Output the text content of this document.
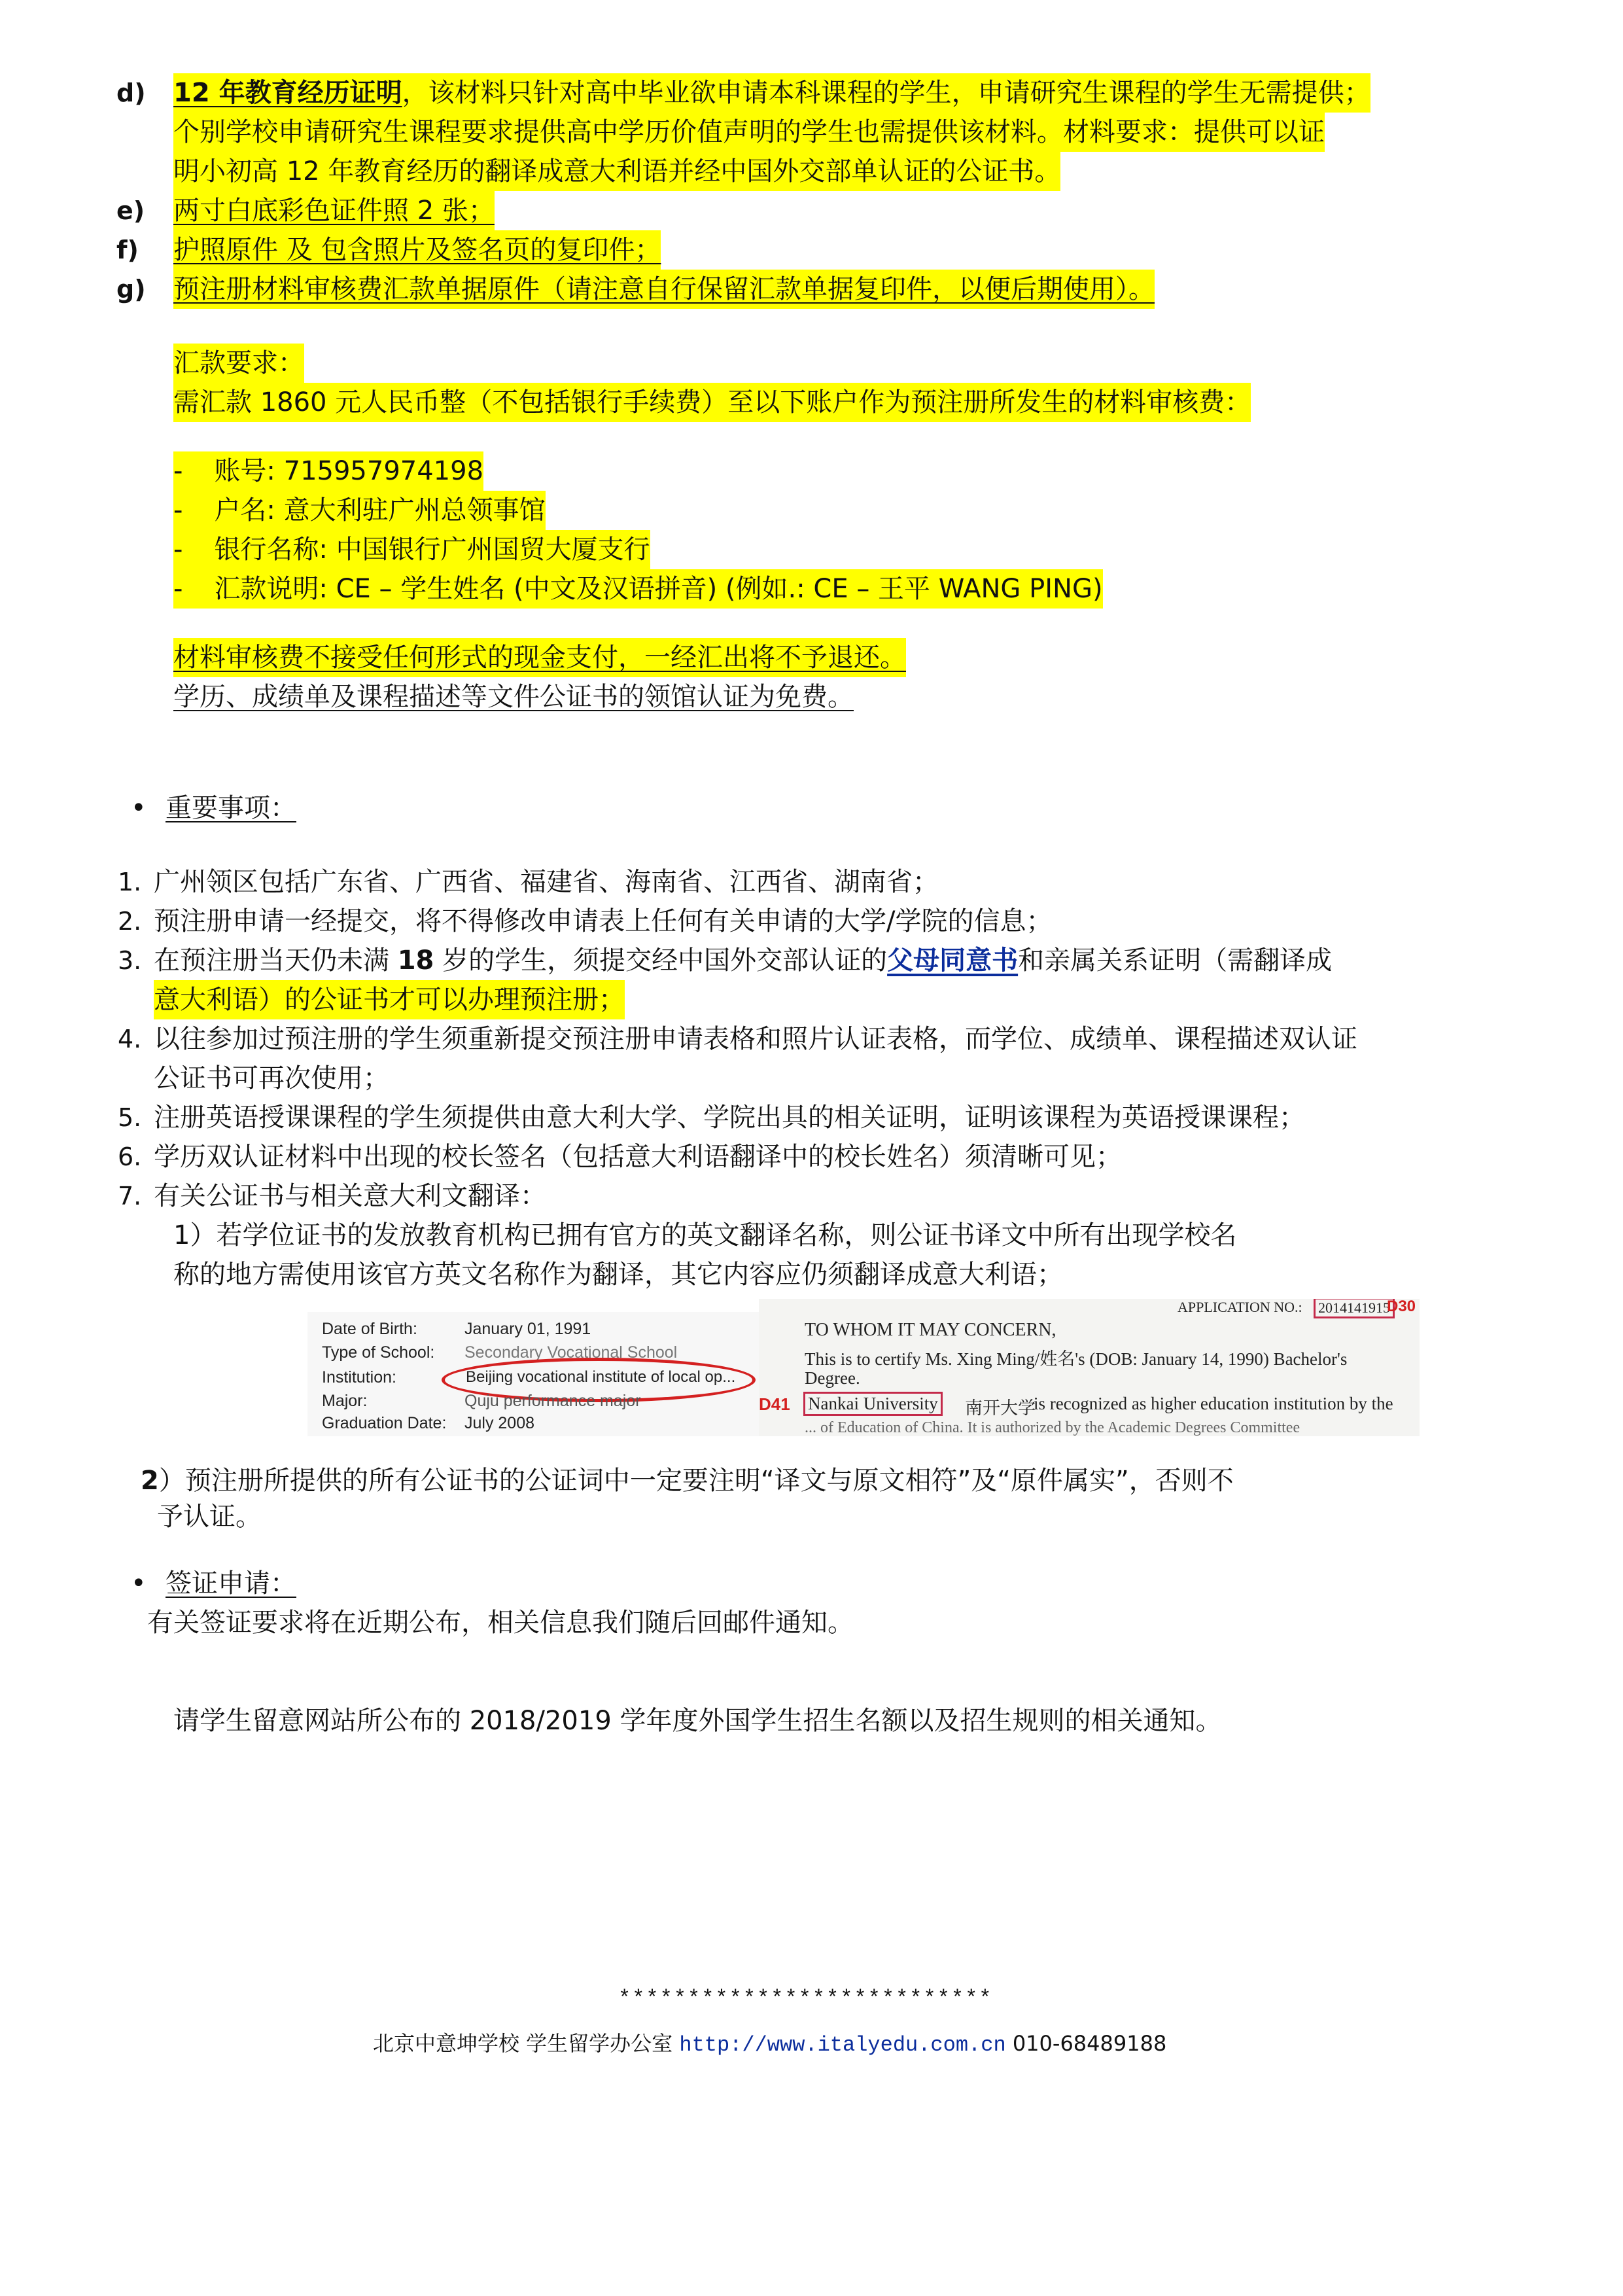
d) 12 年教育经历证明，该材料只针对高中毕业欲申请本科课程的学生，申请研究生课程的学生无需提供；
个别学校申请研究生课程要求提供高中学历价值声明的学生也需提供该材料。材料要求：提供可以证
明小初高 12 年教育经历的翻译成意大利语并经中国外交部单认证的公证书。
e) 两寸白底彩色证件照 2 张；
f) 护照原件 及 包含照片及签名页的复印件；
g) 预注册材料审核费汇款单据原件（请注意自行保留汇款单据复印件，以便后期使用）。
汇款要求：
需汇款 1860 元人民币整（不包括银行手续费）至以下账户作为预注册所发生的材料审核费：
- 账号: 715957974198
- 户名: 意大利驻广州总领事馆
- 银行名称: 中国银行广州国贸大厦支行
- 汇款说明: CE – 学生姓名 (中文及汉语拼音) (例如.: CE – 王平 WANG PING)
材料审核费不接受任何形式的现金支付，一经汇出将不予退还。
学历、成绩单及课程描述等文件公证书的领馆认证为免费。
• 重要事项：
1. 广州领区包括广东省、广西省、福建省、海南省、江西省、湖南省；
2. 预注册申请一经提交，将不得修改申请表上任何有关申请的大学/学院的信息；
3. 在预注册当天仍未满 18 岁的学生，须提交经中国外交部认证的父母同意书和亲属关系证明（需翻译成
意大利语）的公证书才可以办理预注册；
4. 以往参加过预注册的学生须重新提交预注册申请表格和照片认证表格，而学位、成绩单、课程描述双认证
公证书可再次使用；
5. 注册英语授课课程的学生须提供由意大利大学、学院出具的相关证明，证明该课程为英语授课课程；
6. 学历双认证材料中出现的校长签名（包括意大利语翻译中的校长姓名）须清晰可见；
7. 有关公证书与相关意大利文翻译：
1）若学位证书的发放教育机构已拥有官方的英文翻译名称，则公证书译文中所有出现学校名
称的地方需使用该官方英文名称作为翻译，其它内容应仍须翻译成意大利语；
Date of Birth:	January 01, 1991
Type of School: Secondary Vocational School
Institution:	Beijing vocational institute of local op...
Major:	Quju performance major
Graduation Date: July 2008
APPLICATION NO.:	2014141915
D30
TO WHOM IT MAY CONCERN,
This is to certify Ms. Xing Ming/姓名's (DOB: January 14, 1990) Bachelor's
Degree.
D41 Nankai University 南开大学
is recognized as higher education institution by the
... of Education of China. It is authorized by the Academic Degrees Committee
2）预注册所提供的所有公证书的公证词中一定要注明“译文与原文相符”及“原件属实”，否则不
予认证。
• 签证申请：
有关签证要求将在近期公布，相关信息我们随后回邮件通知。
请学生留意网站所公布的 2018/2019 学年度外国学生招生名额以及招生规则的相关通知。
***************************
北京中意坤学校 学生留学办公室 http://www.italyedu.com.cn 010-68489188
